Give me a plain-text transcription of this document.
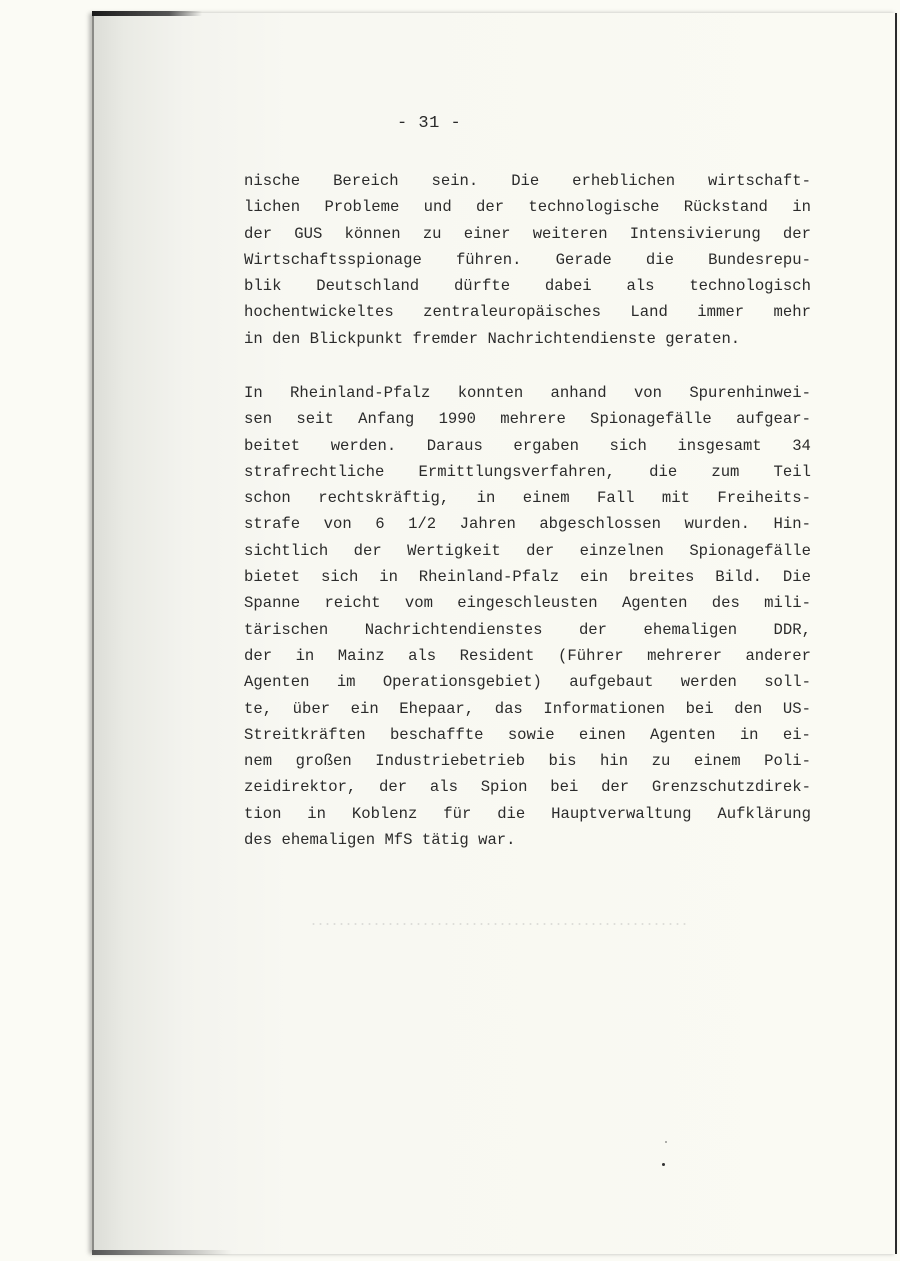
- 31 -
nische Bereich sein. Die erheblichen wirtschaft-
lichen Probleme und der technologische Rückstand in
der GUS können zu einer weiteren Intensivierung der
Wirtschaftsspionage führen. Gerade die Bundesrepu-
blik Deutschland dürfte dabei als technologisch
hochentwickeltes zentraleuropäisches Land immer mehr
in den Blickpunkt fremder Nachrichtendienste geraten.
In Rheinland-Pfalz konnten anhand von Spurenhinwei-
sen seit Anfang 1990 mehrere Spionagefälle aufgear-
beitet werden. Daraus ergaben sich insgesamt 34
strafrechtliche Ermittlungsverfahren, die zum Teil
schon rechtskräftig, in einem Fall mit Freiheits-
strafe von 6 1/2 Jahren abgeschlossen wurden. Hin-
sichtlich der Wertigkeit der einzelnen Spionagefälle
bietet sich in Rheinland-Pfalz ein breites Bild. Die
Spanne reicht vom eingeschleusten Agenten des mili-
tärischen Nachrichtendienstes der ehemaligen DDR,
der in Mainz als Resident (Führer mehrerer anderer
Agenten im Operationsgebiet) aufgebaut werden soll-
te, über ein Ehepaar, das Informationen bei den US-
Streitkräften beschaffte sowie einen Agenten in ei-
nem großen Industriebetrieb bis hin zu einem Poli-
zeidirektor, der als Spion bei der Grenzschutzdirek-
tion in Koblenz für die Hauptverwaltung Aufklärung
des ehemaligen MfS tätig war.
